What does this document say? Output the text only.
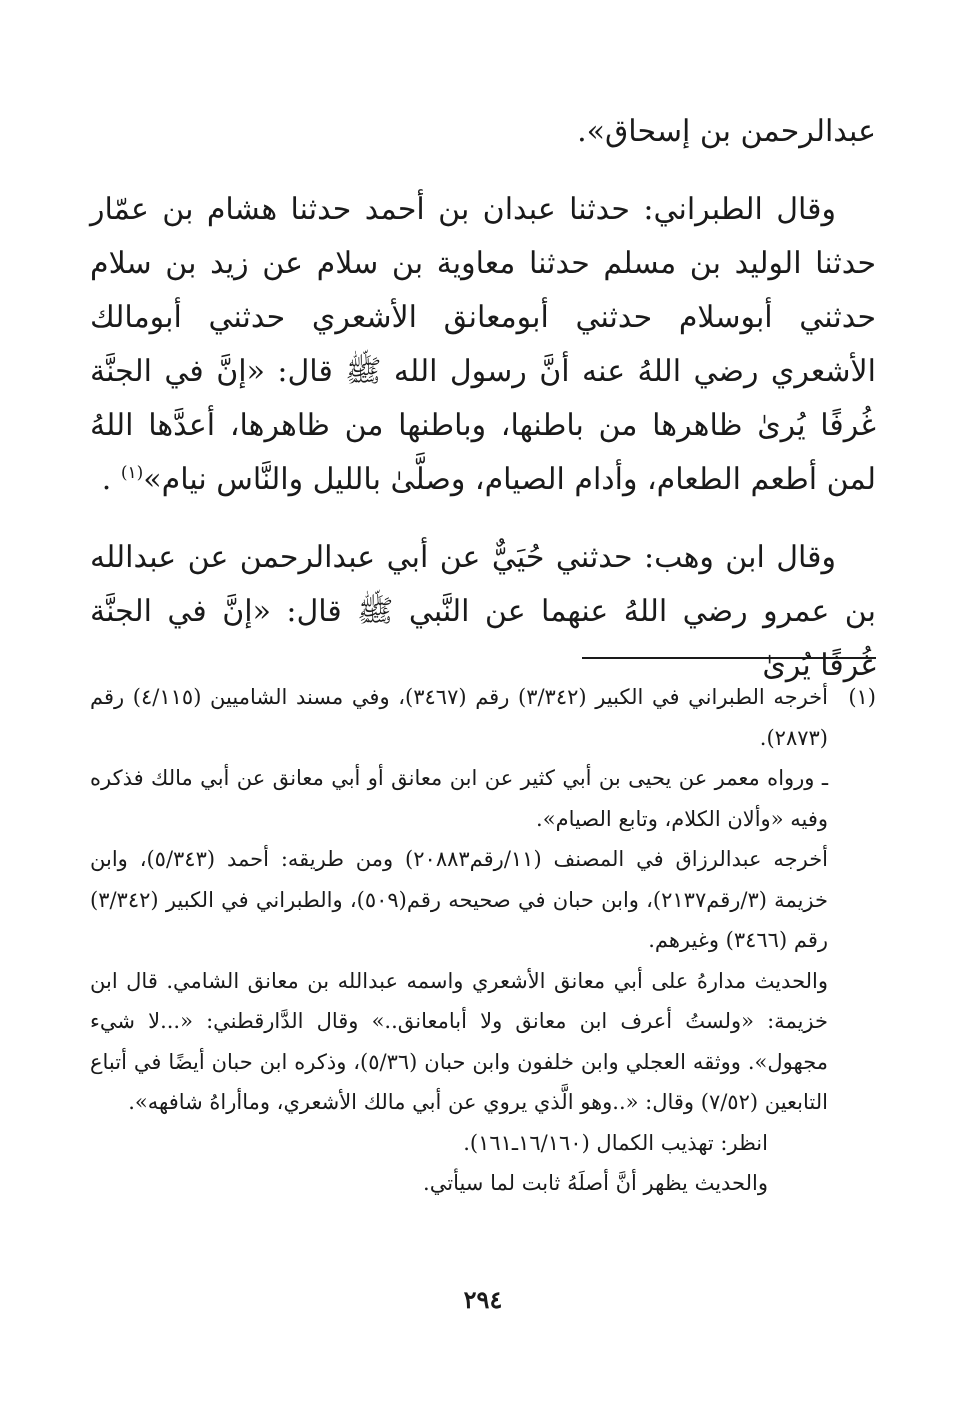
عبدالرحمن بن إسحاق».

وقال الطبراني: حدثنا عبدان بن أحمد حدثنا هشام بن عمّار حدثنا الوليد بن مسلم حدثنا معاوية بن سلام عن زيد بن سلام حدثني أبوسلام حدثني أبومعانق الأشعري حدثني أبومالك الأشعري رضي اللهُ عنه أنَّ رسول الله ﷺ قال: «إنَّ في الجنَّة غُرفًا يُرىٰ ظاهرها من باطنها، وباطنها من ظاهرها، أعدَّها اللهُ لمن أطعم الطعام، وأدام الصيام، وصلَّىٰ بالليل والنَّاس نيام»$^{(١)}$ .

وقال ابن وهب: حدثني حُيَيٌّ عن أبي عبدالرحمن عن عبدالله بن عمرو رضي اللهُ عنهما عن النَّبي ﷺ قال: «إنَّ في الجنَّة غُرفًا يُرىٰ

(١)
أخرجه الطبراني في الكبير (٣/٣٤٢) رقم (٣٤٦٧)، وفي مسند الشاميين (٤/١١٥) رقم (٢٨٧٣).

ـ ورواه معمر عن يحيى بن أبي كثير عن ابن معانق أو أبي معانق عن أبي مالك فذكره وفيه «وألان الكلام، وتابع الصيام».

أخرجه عبدالرزاق في المصنف (١١/رقم٢٠٨٨٣) ومن طريقه: أحمد (٥/٣٤٣)، وابن خزيمة (٣/رقم٢١٣٧)، وابن حبان في صحيحه رقم(٥٠٩)، والطبراني في الكبير (٣/٣٤٢) رقم (٣٤٦٦) وغيرهم.

والحديث مدارهُ على أبي معانق الأشعري واسمه عبدالله بن معانق الشامي. قال ابن خزيمة: «ولستُ أعرف ابن معانق ولا أبامعانق..» وقال الدَّارقطني: «...لا شيء مجهول». ووثقه العجلي وابن خلفون وابن حبان (٥/٣٦)، وذكره ابن حبان أيضًا في أتباع التابعين (٧/٥٢) وقال: «..وهو الَّذي يروي عن أبي مالك الأشعري، وماأراهُ شافهه».

انظر: تهذيب الكمال (١٦/١٦٠ـ١٦١).

والحديث يظهر أنَّ أصلَهُ ثابت لما سيأتي.

٢٩٤
